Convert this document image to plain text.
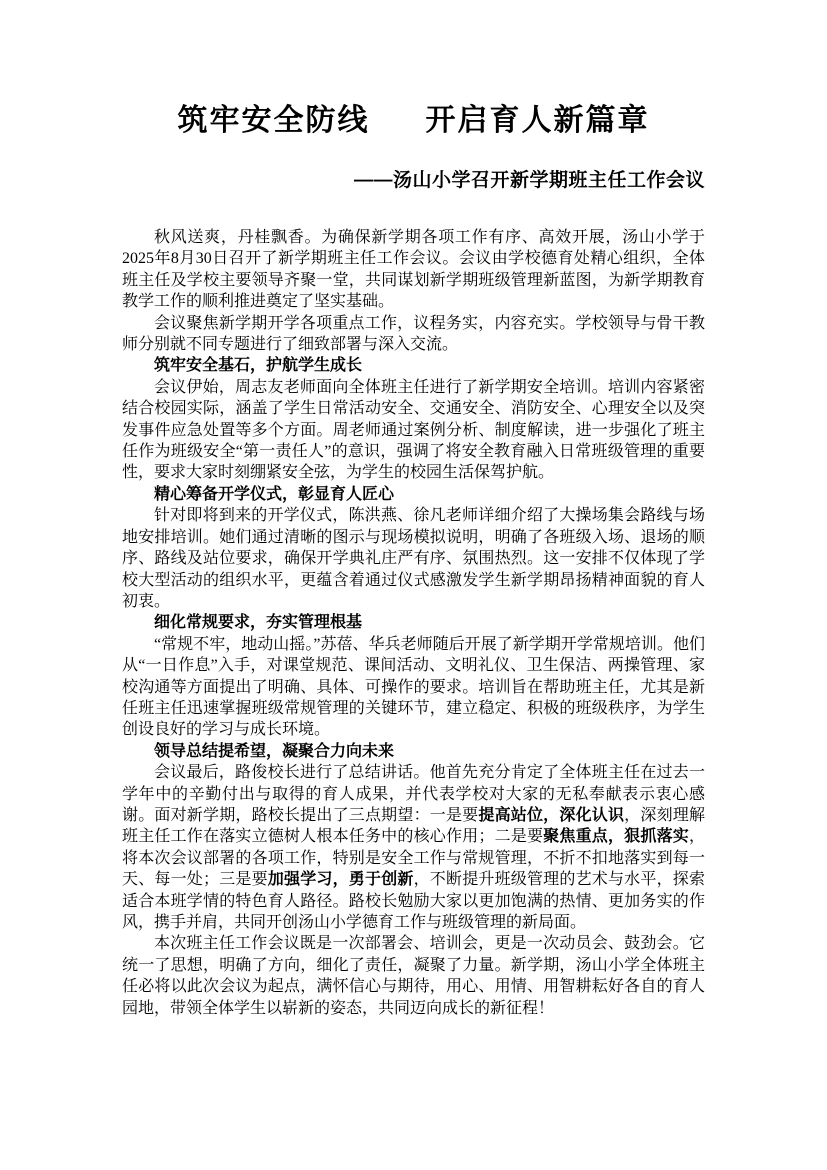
筑牢安全防线 开启育人新篇章

——汤山小学召开新学期班主任工作会议

秋风送爽，丹桂飘香。为确保新学期各项工作有序、高效开展，汤山小学于2025年8月30日召开了新学期班主任工作会议。会议由学校德育处精心组织，全体班主任及学校主要领导齐聚一堂，共同谋划新学期班级管理新蓝图，为新学期教育教学工作的顺利推进奠定了坚实基础。

会议聚焦新学期开学各项重点工作，议程务实，内容充实。学校领导与骨干教师分别就不同专题进行了细致部署与深入交流。

筑牢安全基石，护航学生成长

会议伊始，周志友老师面向全体班主任进行了新学期安全培训。培训内容紧密结合校园实际，涵盖了学生日常活动安全、交通安全、消防安全、心理安全以及突发事件应急处置等多个方面。周老师通过案例分析、制度解读，进一步强化了班主任作为班级安全“第一责任人”的意识，强调了将安全教育融入日常班级管理的重要性，要求大家时刻绷紧安全弦，为学生的校园生活保驾护航。

精心筹备开学仪式，彰显育人匠心

针对即将到来的开学仪式，陈洪燕、徐凡老师详细介绍了大操场集会路线与场地安排培训。她们通过清晰的图示与现场模拟说明，明确了各班级入场、退场的顺序、路线及站位要求，确保开学典礼庄严有序、氛围热烈。这一安排不仅体现了学校大型活动的组织水平，更蕴含着通过仪式感激发学生新学期昂扬精神面貌的育人初衷。

细化常规要求，夯实管理根基

“常规不牢，地动山摇。”苏蓓、华兵老师随后开展了新学期开学常规培训。他们从“一日作息”入手，对课堂规范、课间活动、文明礼仪、卫生保洁、两操管理、家校沟通等方面提出了明确、具体、可操作的要求。培训旨在帮助班主任，尤其是新任班主任迅速掌握班级常规管理的关键环节，建立稳定、积极的班级秩序，为学生创设良好的学习与成长环境。

领导总结提希望，凝聚合力向未来

会议最后，路俊校长进行了总结讲话。他首先充分肯定了全体班主任在过去一学年中的辛勤付出与取得的育人成果，并代表学校对大家的无私奉献表示衷心感谢。面对新学期，路校长提出了三点期望：一是要提高站位，深化认识，深刻理解班主任工作在落实立德树人根本任务中的核心作用；二是要聚焦重点，狠抓落实，将本次会议部署的各项工作，特别是安全工作与常规管理，不折不扣地落实到每一天、每一处；三是要加强学习，勇于创新，不断提升班级管理的艺术与水平，探索适合本班学情的特色育人路径。路校长勉励大家以更加饱满的热情、更加务实的作风，携手并肩，共同开创汤山小学德育工作与班级管理的新局面。

本次班主任工作会议既是一次部署会、培训会，更是一次动员会、鼓劲会。它统一了思想，明确了方向，细化了责任，凝聚了力量。新学期，汤山小学全体班主任必将以此次会议为起点，满怀信心与期待，用心、用情、用智耕耘好各自的育人园地，带领全体学生以崭新的姿态，共同迈向成长的新征程！
